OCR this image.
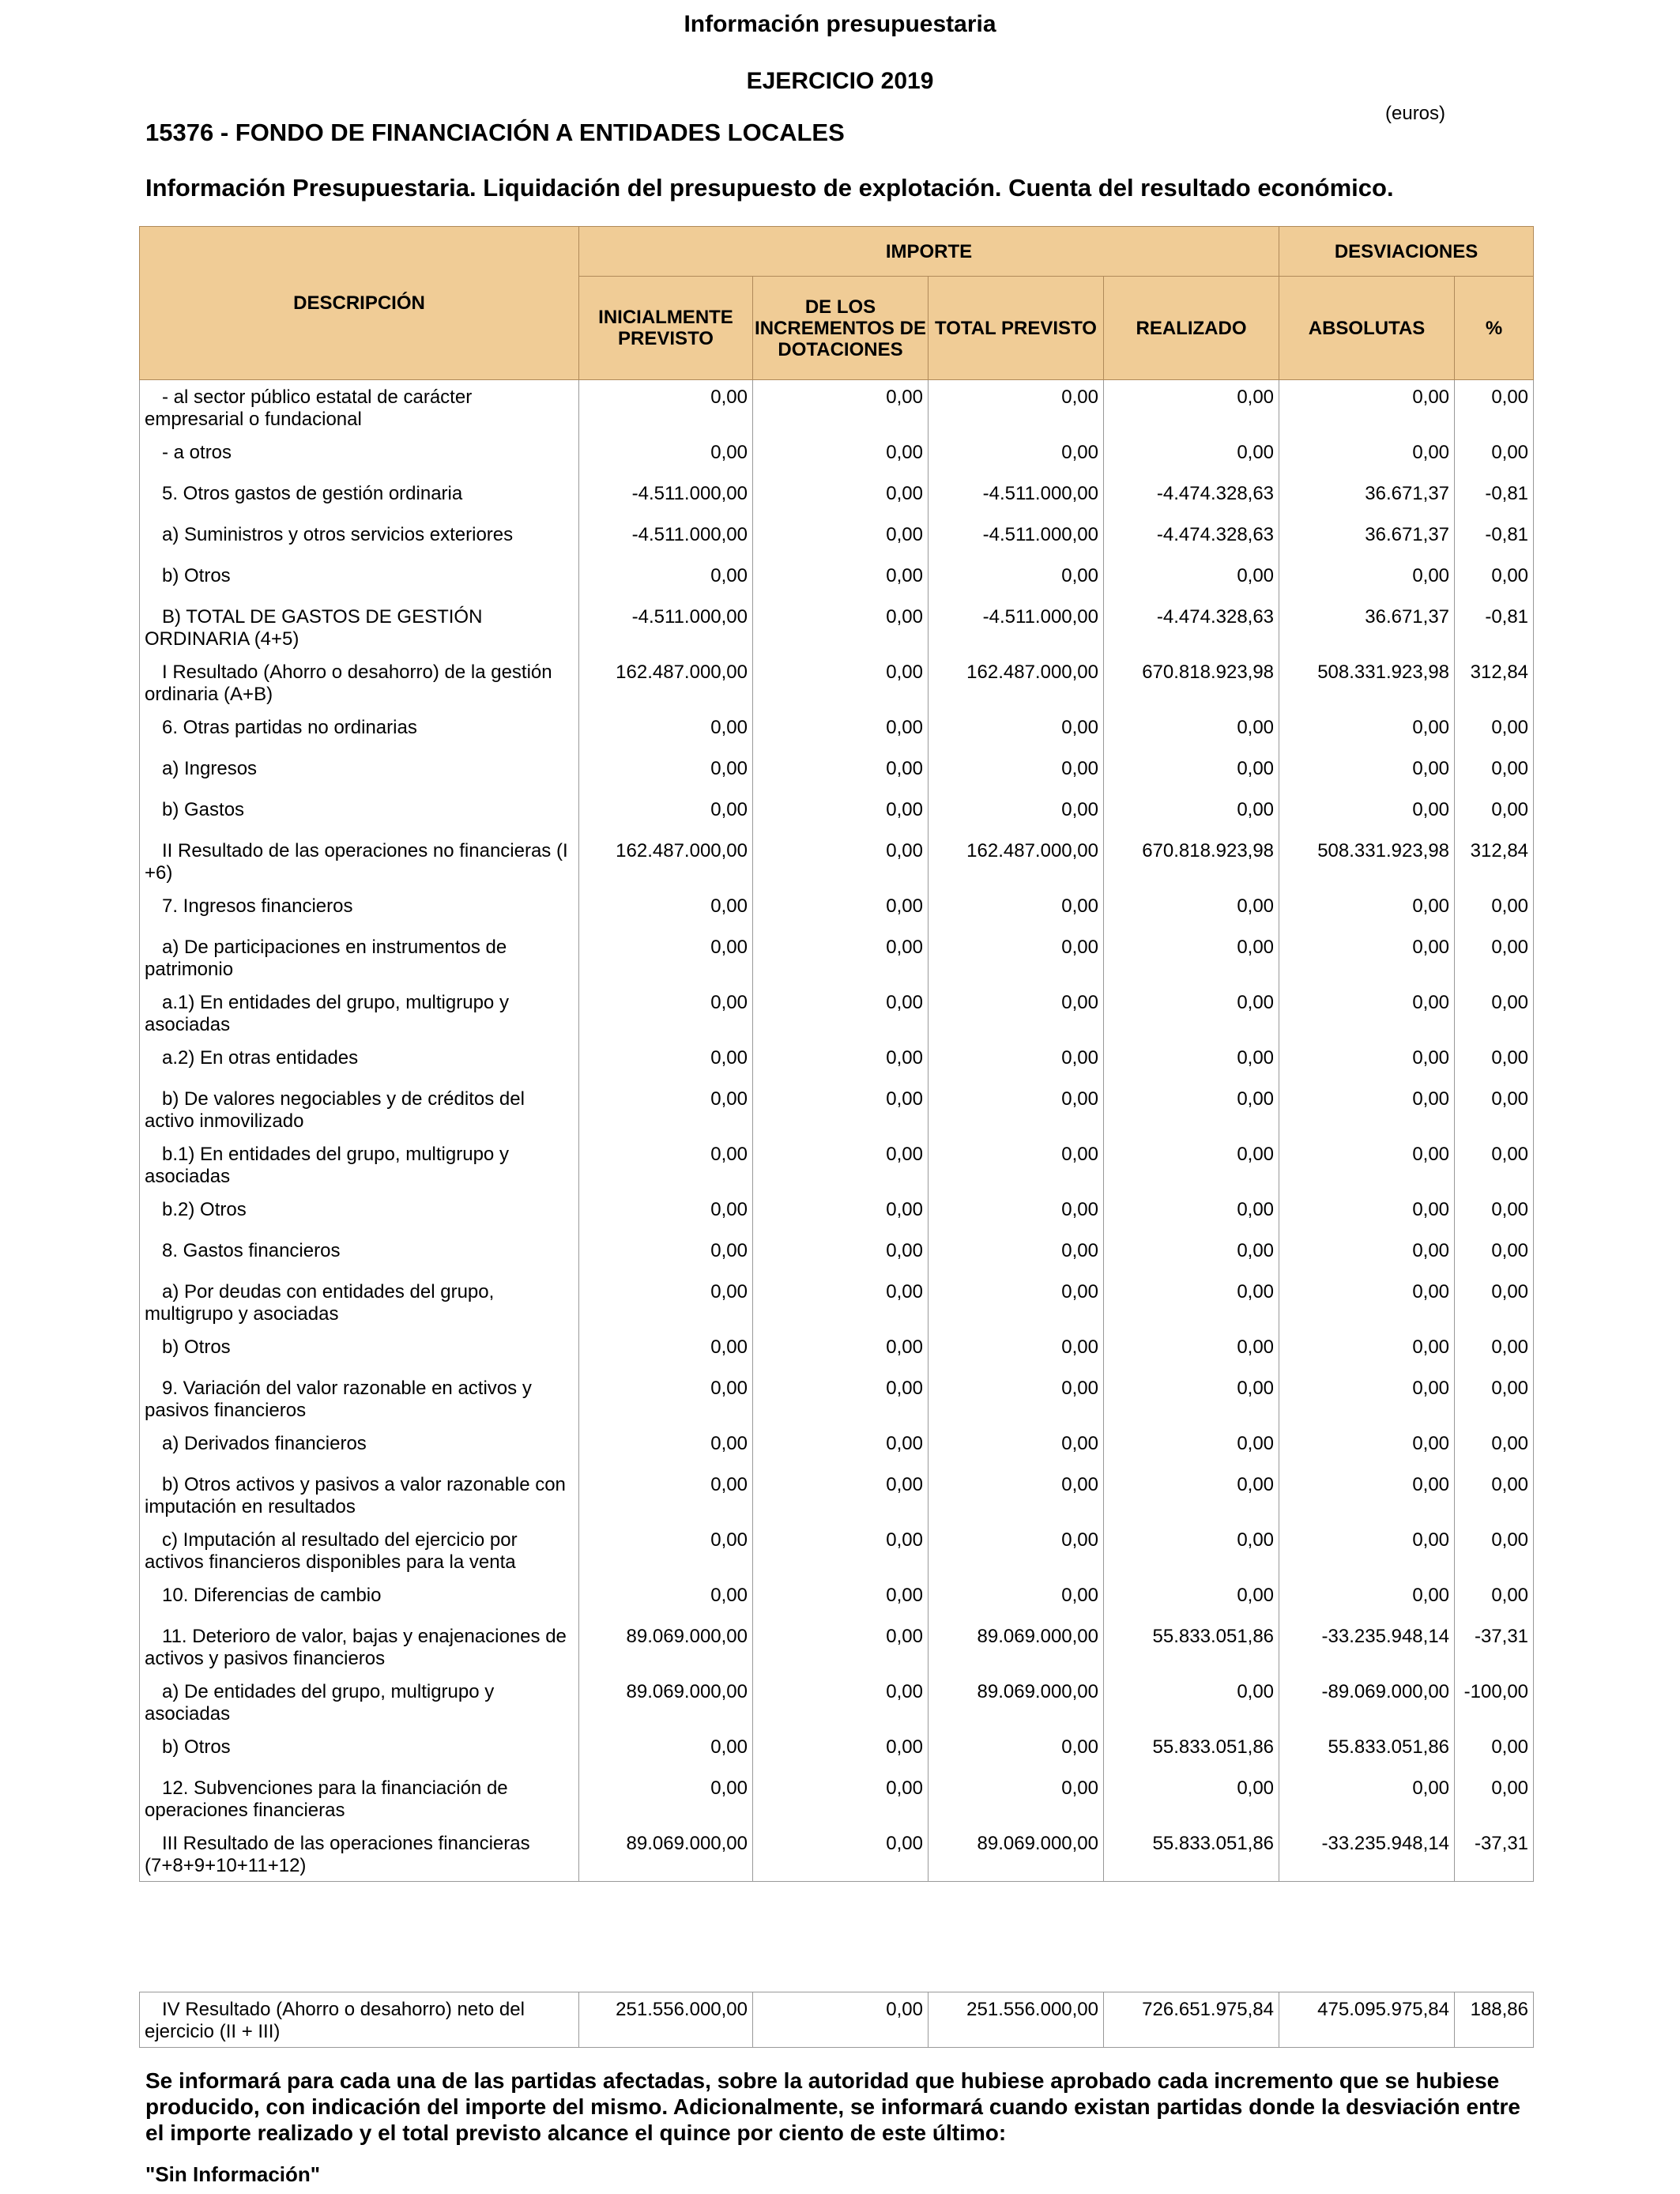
Información presupuestaria
EJERCICIO 2019
(euros)
15376 - FONDO DE FINANCIACIÓN A ENTIDADES LOCALES
Información Presupuestaria. Liquidación del presupuesto de explotación. Cuenta del resultado económico.
DESCRIPCIÓN	IMPORTE				DESVIACIONES	
	INICIALMENTE PREVISTO	DE LOS INCREMENTOS DE DOTACIONES	TOTAL PREVISTO	REALIZADO	ABSOLUTAS	%
- al sector público estatal de carácter empresarial o fundacional	0,00	0,00	0,00	0,00	0,00	0,00
- a otros	0,00	0,00	0,00	0,00	0,00	0,00
5. Otros gastos de gestión ordinaria	-4.511.000,00	0,00	-4.511.000,00	-4.474.328,63	36.671,37	-0,81
a) Suministros y otros servicios exteriores	-4.511.000,00	0,00	-4.511.000,00	-4.474.328,63	36.671,37	-0,81
b) Otros	0,00	0,00	0,00	0,00	0,00	0,00
B) TOTAL DE GASTOS DE GESTIÓN ORDINARIA (4+5)	-4.511.000,00	0,00	-4.511.000,00	-4.474.328,63	36.671,37	-0,81
I Resultado (Ahorro o desahorro) de la gestión ordinaria (A+B)	162.487.000,00	0,00	162.487.000,00	670.818.923,98	508.331.923,98	312,84
6. Otras partidas no ordinarias	0,00	0,00	0,00	0,00	0,00	0,00
a) Ingresos	0,00	0,00	0,00	0,00	0,00	0,00
b) Gastos	0,00	0,00	0,00	0,00	0,00	0,00
II Resultado de las operaciones no financieras (I +6)	162.487.000,00	0,00	162.487.000,00	670.818.923,98	508.331.923,98	312,84
7. Ingresos financieros	0,00	0,00	0,00	0,00	0,00	0,00
a) De participaciones en instrumentos de patrimonio	0,00	0,00	0,00	0,00	0,00	0,00
a.1) En entidades del grupo, multigrupo y asociadas	0,00	0,00	0,00	0,00	0,00	0,00
a.2) En otras entidades	0,00	0,00	0,00	0,00	0,00	0,00
b) De valores negociables y de créditos del activo inmovilizado	0,00	0,00	0,00	0,00	0,00	0,00
b.1) En entidades del grupo, multigrupo y asociadas	0,00	0,00	0,00	0,00	0,00	0,00
b.2) Otros	0,00	0,00	0,00	0,00	0,00	0,00
8. Gastos financieros	0,00	0,00	0,00	0,00	0,00	0,00
a) Por deudas con entidades del grupo, multigrupo y asociadas	0,00	0,00	0,00	0,00	0,00	0,00
b) Otros	0,00	0,00	0,00	0,00	0,00	0,00
9. Variación del valor razonable en activos y pasivos financieros	0,00	0,00	0,00	0,00	0,00	0,00
a) Derivados financieros	0,00	0,00	0,00	0,00	0,00	0,00
b) Otros activos y pasivos a valor razonable con imputación en resultados	0,00	0,00	0,00	0,00	0,00	0,00
c) Imputación al resultado del ejercicio por activos financieros disponibles para la venta	0,00	0,00	0,00	0,00	0,00	0,00
10. Diferencias de cambio	0,00	0,00	0,00	0,00	0,00	0,00
11. Deterioro de valor, bajas y enajenaciones de activos y pasivos financieros	89.069.000,00	0,00	89.069.000,00	55.833.051,86	-33.235.948,14	-37,31
a) De entidades del grupo, multigrupo y asociadas	89.069.000,00	0,00	89.069.000,00	0,00	-89.069.000,00	-100,00
b) Otros	0,00	0,00	0,00	55.833.051,86	55.833.051,86	0,00
12. Subvenciones para la financiación de operaciones financieras	0,00	0,00	0,00	0,00	0,00	0,00
III Resultado de las operaciones financieras (7+8+9+10+11+12)	89.069.000,00	0,00	89.069.000,00	55.833.051,86	-33.235.948,14	-37,31
IV Resultado (Ahorro o desahorro) neto del ejercicio (II + III)	251.556.000,00	0,00	251.556.000,00	726.651.975,84	475.095.975,84	188,86
Se informará para cada una de las partidas afectadas, sobre la autoridad que hubiese aprobado cada incremento que se hubiese producido, con indicación del importe del mismo. Adicionalmente, se informará cuando existan partidas donde la desviación entre el importe realizado y el total previsto alcance el quince por ciento de este último:
"Sin Información"
